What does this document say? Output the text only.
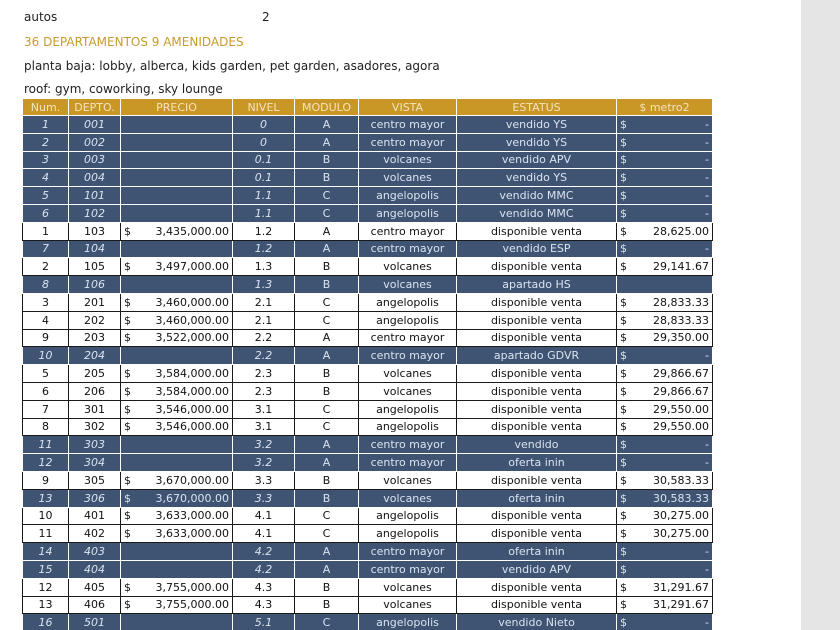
autos	2
36 DEPARTAMENTOS 9 AMENIDADES
planta baja: lobby, alberca, kids garden, pet garden, asadores, agora
roof: gym, coworking, sky lounge
Num.	DEPTO.	PRECIO	NIVEL	MODULO	VISTA	ESTATUS	$ metro2
1	001		0	A	centro mayor	vendido YS	$ -

2	002		0	A	centro mayor	vendido YS	$ -

3	003		0.1	B	volcanes	vendido APV	$ -

4	004		0.1	B	volcanes	vendido YS	$ -

5	101		1.1	C	angelopolis	vendido MMC	$ -

6	102		1.1	C	angelopolis	vendido MMC	$ -

1	103	$ 3,435,000.00	1.2	A	centro mayor	disponible venta	$ 28,625.00

7	104		1.2	A	centro mayor	vendido ESP	$ -

2	105	$ 3,497,000.00	1.3	B	volcanes	disponible venta	$ 29,141.67

8	106		1.3	B	volcanes	apartado HS	
3	201	$ 3,460,000.00	2.1	C	angelopolis	disponible venta	$ 28,833.33

4	202	$ 3,460,000.00	2.1	C	angelopolis	disponible venta	$ 28,833.33

9	203	$ 3,522,000.00	2.2	A	centro mayor	disponible venta	$ 29,350.00

10	204		2.2	A	centro mayor	apartado GDVR	$ -

5	205	$ 3,584,000.00	2.3	B	volcanes	disponible venta	$ 29,866.67

6	206	$ 3,584,000.00	2.3	B	volcanes	disponible venta	$ 29,866.67

7	301	$ 3,546,000.00	3.1	C	angelopolis	disponible venta	$ 29,550.00

8	302	$ 3,546,000.00	3.1	C	angelopolis	disponible venta	$ 29,550.00

11	303		3.2	A	centro mayor	vendido	$ -

12	304		3.2	A	centro mayor	oferta inin	$ -

9	305	$ 3,670,000.00	3.3	B	volcanes	disponible venta	$ 30,583.33

13	306	$ 3,670,000.00	3.3	B	volcanes	oferta inin	$ 30,583.33

10	401	$ 3,633,000.00	4.1	C	angelopolis	disponible venta	$ 30,275.00

11	402	$ 3,633,000.00	4.1	C	angelopolis	disponible venta	$ 30,275.00

14	403		4.2	A	centro mayor	oferta inin	$ -

15	404		4.2	A	centro mayor	vendido APV	$ -

12	405	$ 3,755,000.00	4.3	B	volcanes	disponible venta	$ 31,291.67

13	406	$ 3,755,000.00	4.3	B	volcanes	disponible venta	$ 31,291.67

16	501		5.1	C	angelopolis	vendido Nieto	$ -
